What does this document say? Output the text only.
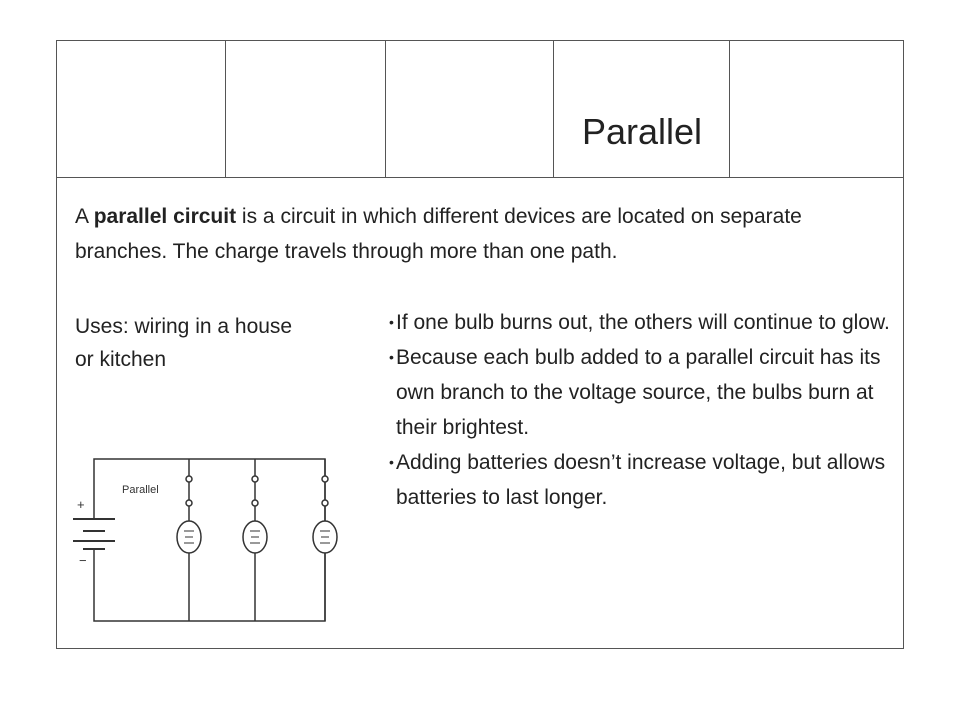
Parallel

A parallel circuit is a circuit in which different devices are located on separate branches. The charge travels through more than one path.

Uses: wiring in a house or kitchen

• If one bulb burns out, the others will continue to glow.
• Because each bulb added to a parallel circuit has its own branch to the voltage source, the bulbs burn at their brightest.
• Adding batteries doesn’t increase voltage, but allows batteries to last longer.
+
−
Parallel
